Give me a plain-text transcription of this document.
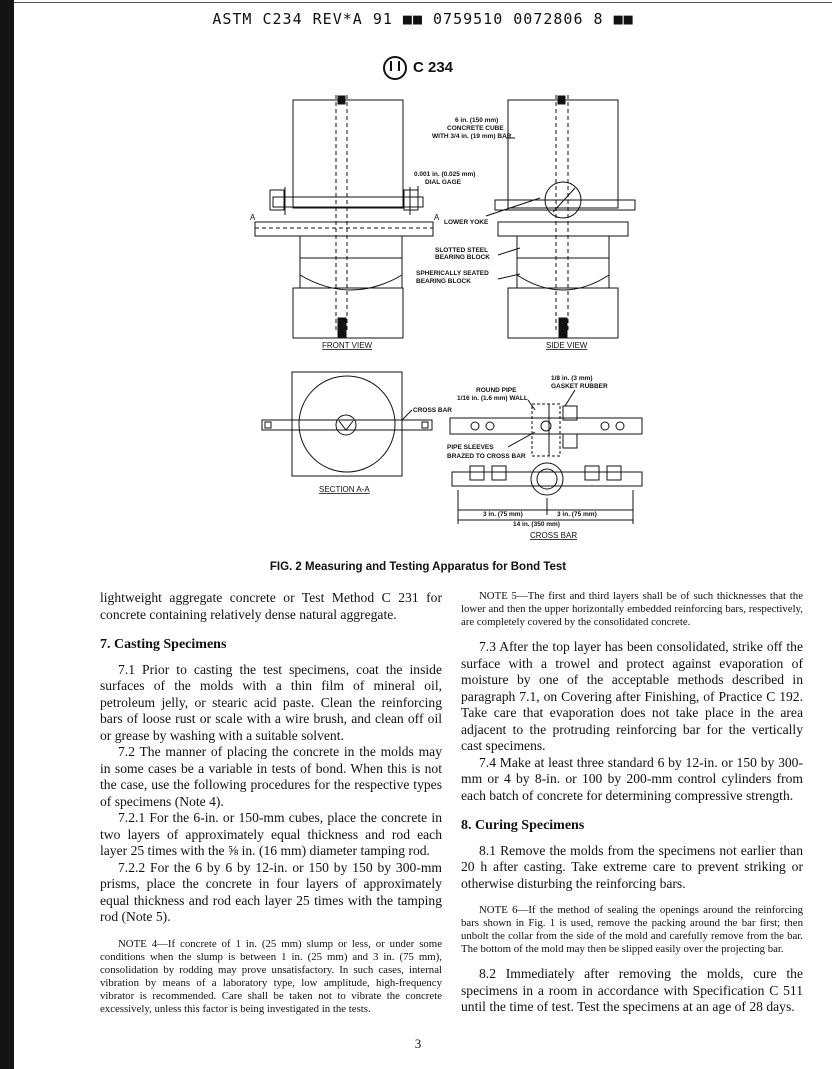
ASTM C234 REV*A 91 ■■ 0759510 0072806 8 ■■
C 234
A	A
FRONT VIEW	SIDE VIEW
6 in. (150 mm)
CONCRETE CUBE
WITH 3/4 in. (19 mm) BAR
0.001 in. (0.025 mm)
DIAL GAGE
LOWER YOKE
SLOTTED STEEL
BEARING BLOCK
SPHERICALLY SEATED
BEARING BLOCK
SECTION A-A
CROSS BAR
ROUND PIPE
1/16 in. (1.6 mm) WALL
1/8 in. (3 mm)
GASKET RUBBER
PIPE SLEEVES
BRAZED TO CROSS BAR
3 in. (75 mm)	3 in. (75 mm)
14 in. (350 mm)
CROSS BAR
FIG. 2 Measuring and Testing Apparatus for Bond Test

lightweight aggregate concrete or Test Method C 231 for concrete containing relatively dense natural aggregate.

7. Casting Specimens

7.1 Prior to casting the test specimens, coat the inside surfaces of the molds with a thin film of mineral oil, petroleum jelly, or stearic acid paste. Clean the reinforcing bars of loose rust or scale with a wire brush, and clean off oil or grease by washing with a suitable solvent.

7.2 The manner of placing the concrete in the molds may in some cases be a variable in tests of bond. When this is not the case, use the following procedures for the respective types of specimens (Note 4).

7.2.1 For the 6-in. or 150-mm cubes, place the concrete in two layers of approximately equal thickness and rod each layer 25 times with the ⅝ in. (16 mm) diameter tamping rod.

7.2.2 For the 6 by 6 by 12-in. or 150 by 150 by 300-mm prisms, place the concrete in four layers of approximately equal thickness and rod each layer 25 times with the tamping rod (Note 5).

NOTE 4—If concrete of 1 in. (25 mm) slump or less, or under some conditions when the slump is between 1 in. (25 mm) and 3 in. (75 mm), consolidation by rodding may prove unsatisfactory. In such cases, internal vibration by means of a laboratory type, low amplitude, high-frequency vibrator is recommended. Care shall be taken not to vibrate the concrete excessively, unless this factor is being investigated in the tests.

NOTE 5—The first and third layers shall be of such thicknesses that the lower and then the upper horizontally embedded reinforcing bars, respectively, are completely covered by the consolidated concrete.

7.3 After the top layer has been consolidated, strike off the surface with a trowel and protect against evaporation of moisture by one of the acceptable methods described in paragraph 7.1, on Covering after Finishing, of Practice C 192. Take care that evaporation does not take place in the area adjacent to the protruding reinforcing bar for the vertically cast specimens.

7.4 Make at least three standard 6 by 12-in. or 150 by 300-mm or 4 by 8-in. or 100 by 200-mm control cylinders from each batch of concrete for determining compressive strength.

8. Curing Specimens

8.1 Remove the molds from the specimens not earlier than 20 h after casting. Take extreme care to prevent striking or otherwise disturbing the reinforcing bars.

NOTE 6—If the method of sealing the openings around the reinforcing bars shown in Fig. 1 is used, remove the packing around the bar first; then unbolt the collar from the side of the mold and carefully remove from the bar. The bottom of the mold may then be slipped easily over the projecting bar.

8.2 Immediately after removing the molds, cure the specimens in a room in accordance with Specification C 511 until the time of test. Test the specimens at an age of 28 days.

3
